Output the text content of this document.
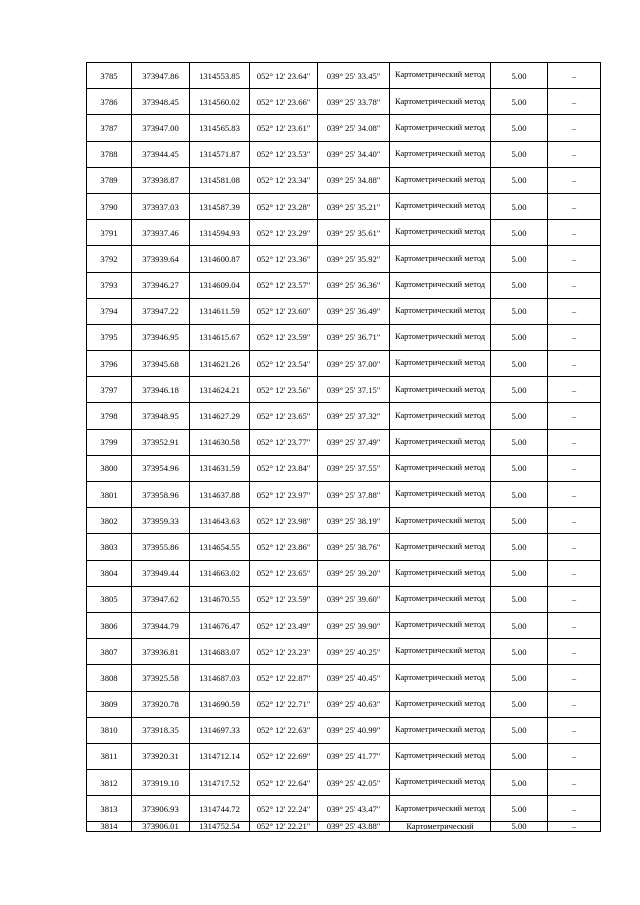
3785	373947.86	1314553.85	052° 12' 23.64"	039° 25' 33.45"	Картометрический метод	5.00	–
3786	373948.45	1314560.02	052° 12' 23.66"	039° 25' 33.78"	Картометрический метод	5.00	–
3787	373947.00	1314565.83	052° 12' 23.61"	039° 25' 34.08"	Картометрический метод	5.00	–
3788	373944.45	1314571.87	052° 12' 23.53"	039° 25' 34.40"	Картометрический метод	5.00	–
3789	373938.87	1314581.08	052° 12' 23.34"	039° 25' 34.88"	Картометрический метод	5.00	–
3790	373937.03	1314587.39	052° 12' 23.28"	039° 25' 35.21"	Картометрический метод	5.00	–
3791	373937.46	1314594.93	052° 12' 23.29"	039° 25' 35.61"	Картометрический метод	5.00	–
3792	373939.64	1314600.87	052° 12' 23.36"	039° 25' 35.92"	Картометрический метод	5.00	–
3793	373946.27	1314609.04	052° 12' 23.57"	039° 25' 36.36"	Картометрический метод	5.00	–
3794	373947.22	1314611.59	052° 12' 23.60"	039° 25' 36.49"	Картометрический метод	5.00	–
3795	373946.95	1314615.67	052° 12' 23.59"	039° 25' 36.71"	Картометрический метод	5.00	–
3796	373945.68	1314621.26	052° 12' 23.54"	039° 25' 37.00"	Картометрический метод	5.00	–
3797	373946.18	1314624.21	052° 12' 23.56"	039° 25' 37.15"	Картометрический метод	5.00	–
3798	373948.95	1314627.29	052° 12' 23.65"	039° 25' 37.32"	Картометрический метод	5.00	–
3799	373952.91	1314630.58	052° 12' 23.77"	039° 25' 37.49"	Картометрический метод	5.00	–
3800	373954.96	1314631.59	052° 12' 23.84"	039° 25' 37.55"	Картометрический метод	5.00	–
3801	373958.96	1314637.88	052° 12' 23.97"	039° 25' 37.88"	Картометрический метод	5.00	–
3802	373959.33	1314643.63	052° 12' 23.98"	039° 25' 38.19"	Картометрический метод	5.00	–
3803	373955.86	1314654.55	052° 12' 23.86"	039° 25' 38.76"	Картометрический метод	5.00	–
3804	373949.44	1314663.02	052° 12' 23.65"	039° 25' 39.20"	Картометрический метод	5.00	–
3805	373947.62	1314670.55	052° 12' 23.59"	039° 25' 39.60"	Картометрический метод	5.00	–
3806	373944.79	1314676.47	052° 12' 23.49"	039° 25' 39.90"	Картометрический метод	5.00	–
3807	373936.81	1314683.07	052° 12' 23.23"	039° 25' 40.25"	Картометрический метод	5.00	–
3808	373925.58	1314687.03	052° 12' 22.87"	039° 25' 40.45"	Картометрический метод	5.00	–
3809	373920.78	1314690.59	052° 12' 22.71"	039° 25' 40.63"	Картометрический метод	5.00	–
3810	373918.35	1314697.33	052° 12' 22.63"	039° 25' 40.99"	Картометрический метод	5.00	–
3811	373920.31	1314712.14	052° 12' 22.69"	039° 25' 41.77"	Картометрический метод	5.00	–
3812	373919.10	1314717.52	052° 12' 22.64"	039° 25' 42.05"	Картометрический метод	5.00	–
3813	373906.93	1314744.72	052° 12' 22.24"	039° 25' 43.47"	Картометрический метод	5.00	–
3814	373906.01	1314752.54	052° 12' 22.21"	039° 25' 43.88"	Картометрический	5.00	–
